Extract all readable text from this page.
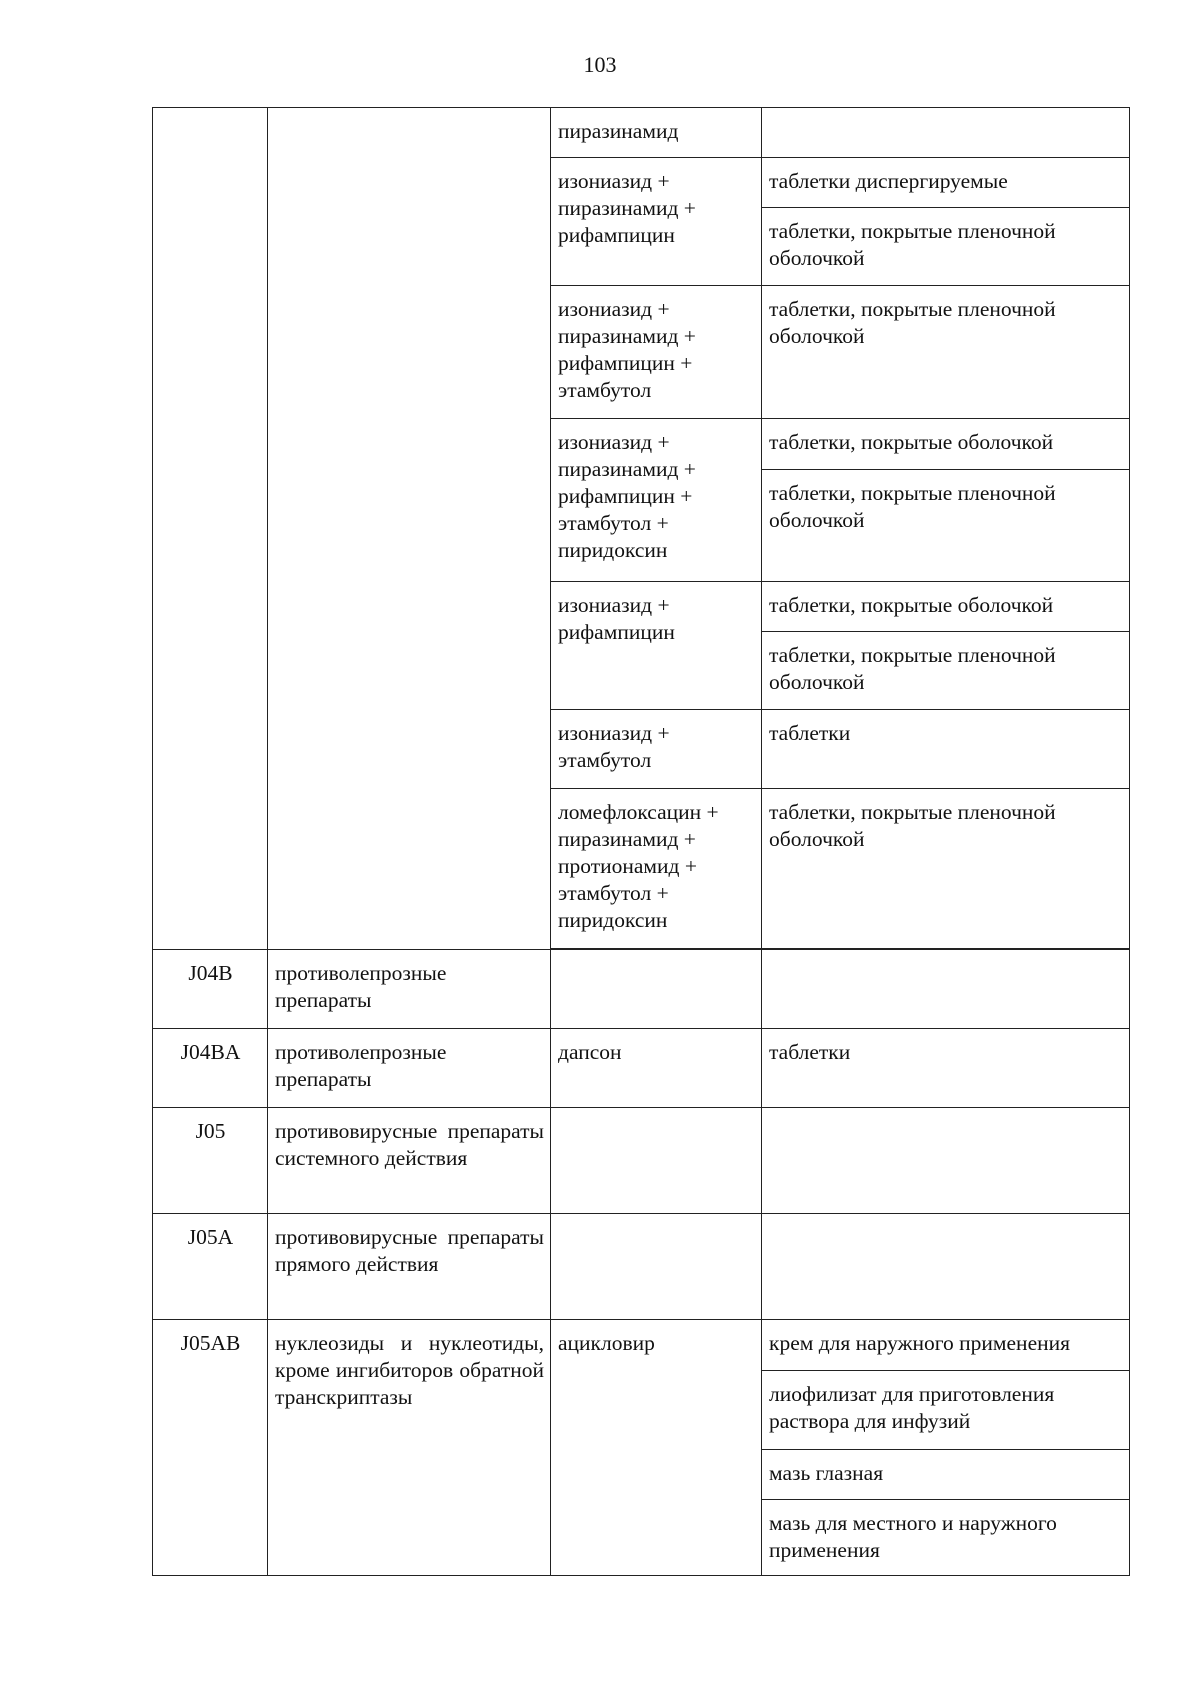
103
		пиразинамид	
		изониазид + пиразинамид + рифампицин	таблетки диспергируемые
			таблетки, покрытые пленочной оболочкой
		изониазид + пиразинамид + рифампицин + этамбутол	таблетки, покрытые пленочной оболочкой
		изониазид + пиразинамид + рифампицин + этамбутол + пиридоксин	таблетки, покрытые оболочкой
			таблетки, покрытые пленочной оболочкой
		изониазид + рифампицин	таблетки, покрытые оболочкой
			таблетки, покрытые пленочной оболочкой
		изониазид + этамбутол	таблетки
		ломефлоксацин + пиразинамид + протионамид + этамбутол + пиридоксин	таблетки, покрытые пленочной оболочкой

J04B	противолепрозные препараты		
J04BA	противолепрозные препараты	дапсон	таблетки
J05	противовирусные препараты системного действия		
J05A	противовирусные препараты прямого действия		
J05AB	нуклеозиды и нуклеотиды, кроме ингибиторов обратной транскриптазы	ацикловир	крем для наружного применения
			лиофилизат для приготовления раствора для инфузий
			мазь глазная
			мазь для местного и наружного применения
